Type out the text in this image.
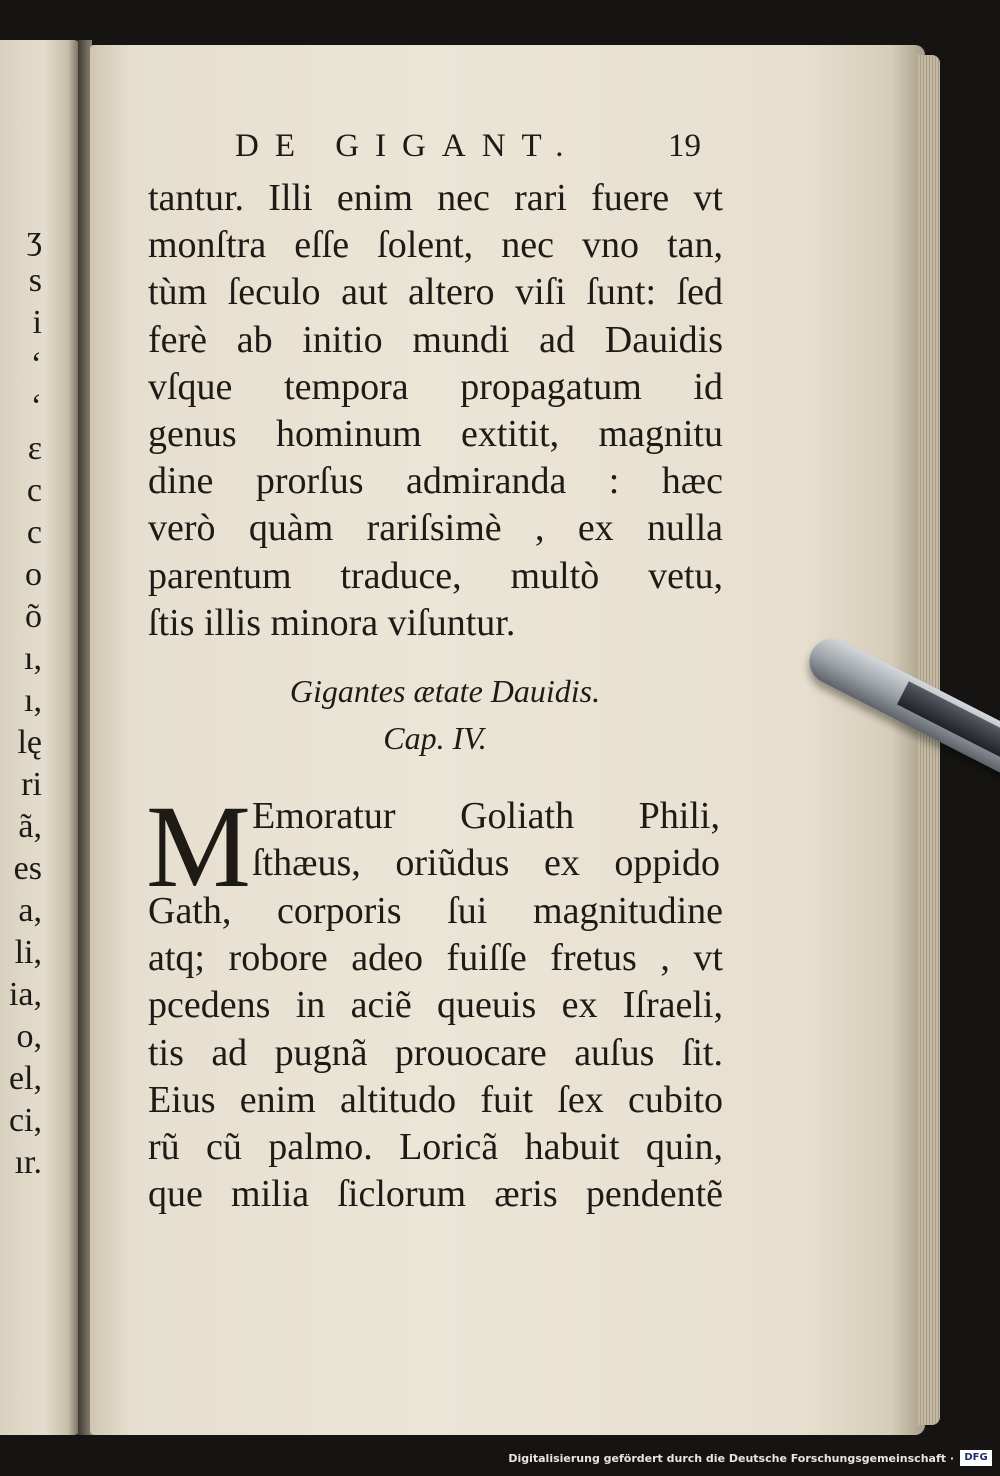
ʒ
s
i
ʻ
ʻ
ɛ
c
c
o
õ
ı,
ı,
lę
ri
ã,
es
a,
li,
ia,
o,
el,
ci,
ır.
DE GIGANT.	19
tantur. Illi enim nec rari fuere vt
monſtra eſſe ſolent, nec vno tan,
tùm ſeculo aut altero viſi ſunt: ſed
ferè ab initio mundi ad Dauidis
vſque tempora propagatum id
genus hominum extitit, magnitu
dine prorſus admiranda : hæc
verò quàm rariſsimè , ex nulla
parentum traduce, multò vetu,
ſtis illis minora viſuntur.
Gigantes ætate Dauidis.
Cap. IV.
M Emoratur Goliath Phili,
ſthæus, oriũdus ex oppido
Gath, corporis ſui magnitudine
atq; robore adeo fuiſſe fretus , vt
pcedens in aciẽ queuis ex Iſraeli,
tis ad pugnã prouocare auſus ſit.
Eius enim altitudo fuit ſex cubito
rũ cũ palmo. Loricã habuit quin,
que milia ſiclorum æris pendentẽ
Digitalisierung gefördert durch die Deutsche Forschungsgemeinschaft ·	DFG
